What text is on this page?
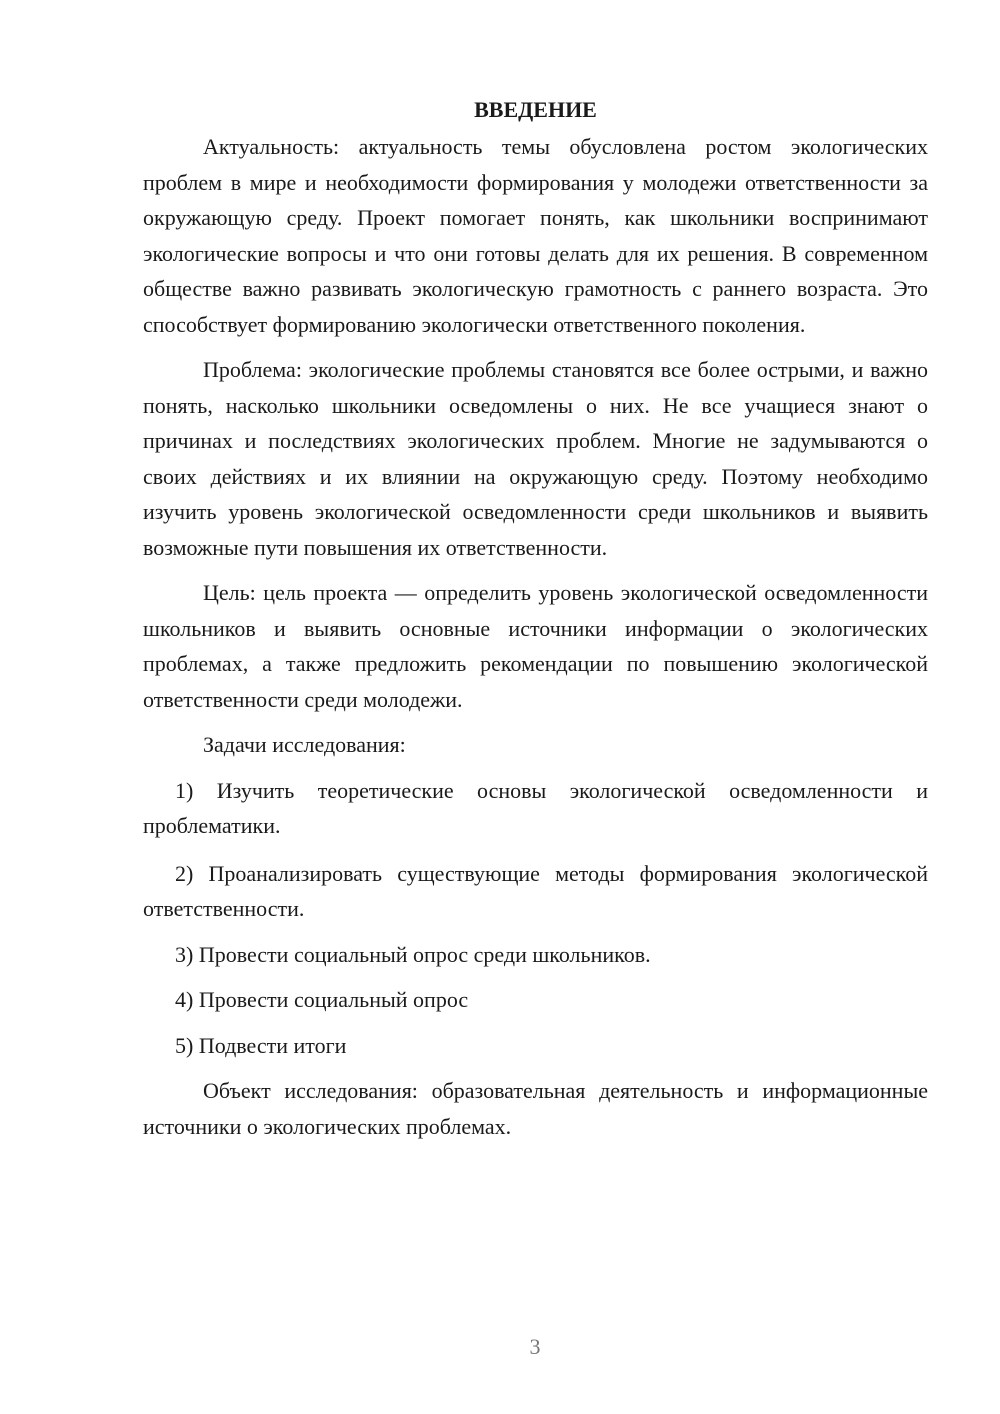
ВВЕДЕНИЕ

Актуальность: актуальность темы обусловлена ростом экологических проблем в мире и необходимости формирования у молодежи ответственности за окружающую среду. Проект помогает понять, как школьники воспринимают экологические вопросы и что они готовы делать для их решения. В современном обществе важно развивать экологическую грамотность с раннего возраста. Это способствует формированию экологически ответственного поколения.

Проблема: экологические проблемы становятся все более острыми, и важно понять, насколько школьники осведомлены о них. Не все учащиеся знают о причинах и последствиях экологических проблем. Многие не задумываются о своих действиях и их влиянии на окружающую среду. Поэтому необходимо изучить уровень экологической осведомленности среди школьников и выявить возможные пути повышения их ответственности.

Цель: цель проекта — определить уровень экологической осведомленности школьников и выявить основные источники информации о экологических проблемах, а также предложить рекомендации по повышению экологической ответственности среди молодежи.

Задачи исследования:

1) Изучить теоретические основы экологической осведомленности и проблематики.

2) Проанализировать существующие методы формирования экологической ответственности.

3) Провести социальный опрос среди школьников.

4) Провести социальный опрос

5) Подвести итоги

Объект исследования: образовательная деятельность и информационные источники о экологических проблемах.

3
